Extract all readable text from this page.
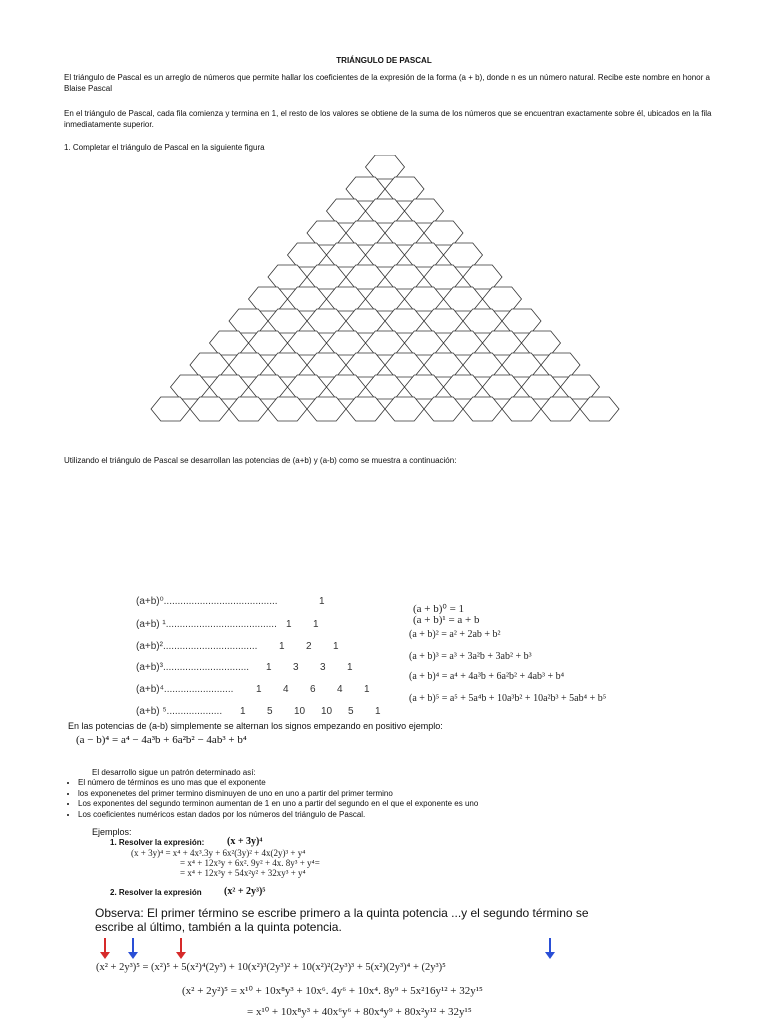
TRIÁNGULO DE PASCAL
El triángulo de Pascal es un arreglo de números que permite hallar los coeficientes de la expresión de la forma (a + b), donde n es un número natural. Recibe este nombre en honor a Blaise Pascal
En el triángulo de Pascal, cada fila comienza y termina en 1, el resto de los valores se obtiene de la suma de los números que se encuentran exactamente sobre él, ubicados en la fila inmediatamente superior.
1. Completar el triángulo de Pascal en la siguiente figura
Utilizando el triángulo de Pascal se desarrollan las potencias de (a+b) y (a-b) como se muestra a continuación:
(a+b)⁰.........................................	1
(a+b) ¹........................................ 1 1
(a+b)².................................. 1 2 1
(a+b)³............................... 1 3 3 1
(a+b)⁴......................... 1 4 6 4 1
(a+b) ⁵.................... 1 5 10 10 5 1
(a + b)⁰ = 1
(a + b)¹ = a + b
(a + b)² = a² + 2ab + b²
(a + b)³ = a³ + 3a²b + 3ab² + b³
(a + b)⁴ = a⁴ + 4a³b + 6a²b² + 4ab³ + b⁴
(a + b)⁵ = a⁵ + 5a⁴b + 10a³b² + 10a²b³ + 5ab⁴ + b⁵
En las potencias de (a-b) simplemente se alternan los signos empezando en positivo ejemplo:
(a − b)⁴ = a⁴ − 4a³b + 6a²b² − 4ab³ + b⁴
El desarrollo sigue un patrón determinado así:
• El número de términos es uno mas que el exponente
• los exponenetes del primer termino disminuyen de uno en uno a partir del primer termino
• Los exponentes del segundo terminon aumentan de 1 en uno a partir del segundo en el que el exponente es uno
• Los coeficientes numéricos estan dados por los números del triángulo de Pascal.
Ejemplos:
1. Resolver la expresión: (x + 3y)⁴
(x + 3y)⁴ = x⁴ + 4x³.3y + 6x²(3y)² + 4x(2y)³ + y⁴
= x⁴ + 12x³y + 6x². 9y² + 4x. 8y³ + y⁴=
= x⁴ + 12x³y + 54x²y² + 32xy³ + y⁴
2. Resolver la expresión (x² + 2y³)⁵
Observa: El primer término se escribe primero a la quinta potencia ...y el segundo término se escribe al último, también a la quinta potencia.
(x² + 2y³)⁵ = (x²)⁵ + 5(x²)⁴(2y³) + 10(x²)³(2y³)² + 10(x²)²(2y³)³ + 5(x²)(2y³)⁴ + (2y³)⁵
(x² + 2y²)⁵ = x¹⁰ + 10x⁸y³ + 10x⁶. 4y⁶ + 10x⁴. 8y⁹ + 5x²16y¹² + 32y¹⁵
= x¹⁰ + 10x⁸y³ + 40x⁶y⁶ + 80x⁴y⁹ + 80x²y¹² + 32y¹⁵
